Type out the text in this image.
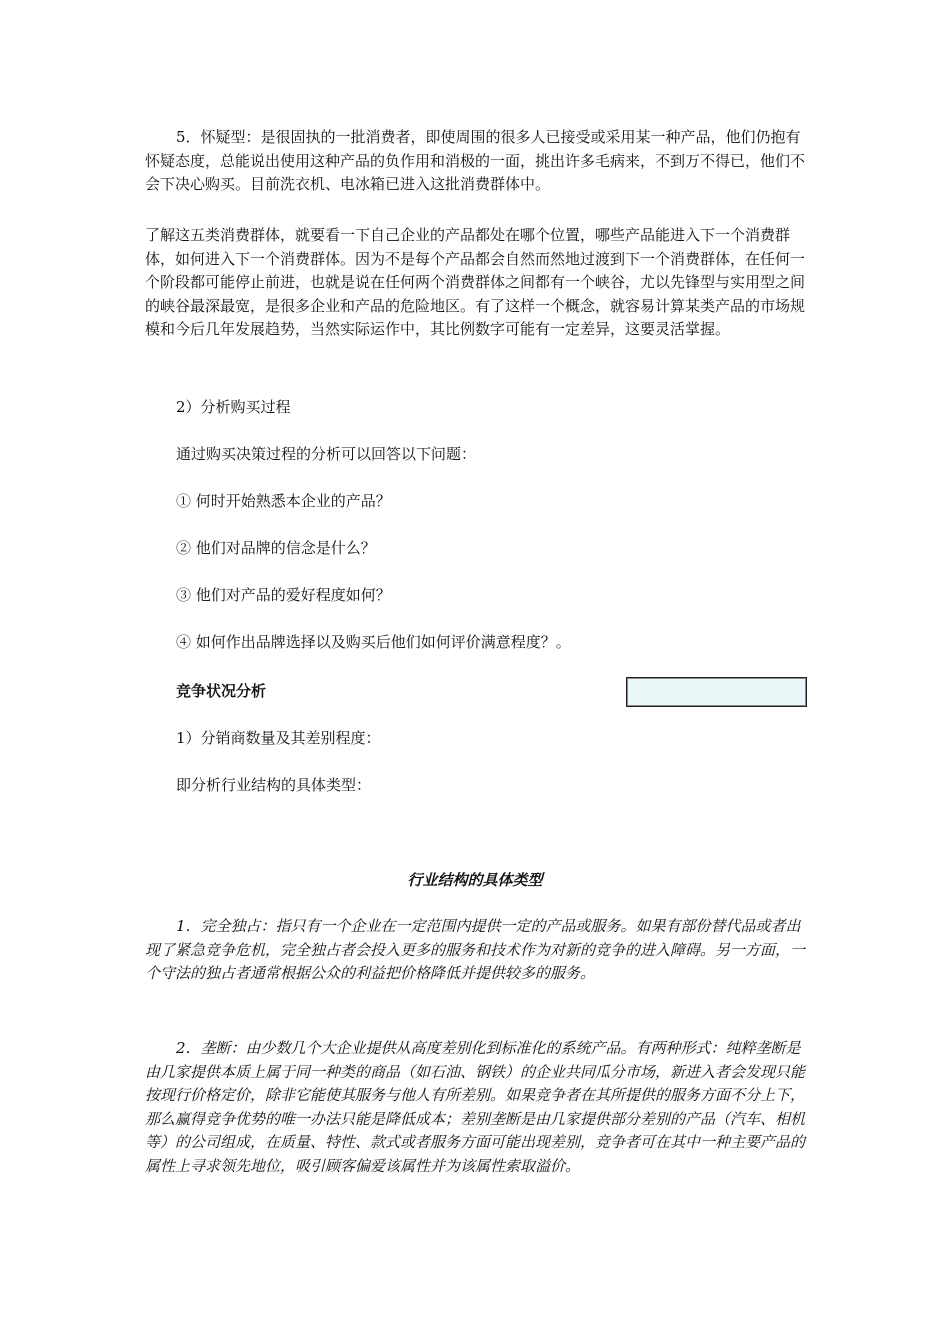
5．怀疑型：是很固执的一批消费者，即使周围的很多人已接受或采用某一种产品，他们仍抱有怀疑态度，总能说出使用这种产品的负作用和消极的一面，挑出许多毛病来，不到万不得已，他们不会下决心购买。目前洗衣机、电冰箱已进入这批消费群体中。

了解这五类消费群体，就要看一下自己企业的产品都处在哪个位置，哪些产品能进入下一个消费群体，如何进入下一个消费群体。因为不是每个产品都会自然而然地过渡到下一个消费群体，在任何一个阶段都可能停止前进，也就是说在任何两个消费群体之间都有一个峡谷，尤以先锋型与实用型之间的峡谷最深最宽，是很多企业和产品的危险地区。有了这样一个概念，就容易计算某类产品的市场规模和今后几年发展趋势，当然实际运作中，其比例数字可能有一定差异，这要灵活掌握。

2）分析购买过程

通过购买决策过程的分析可以回答以下问题：

① 何时开始熟悉本企业的产品？

② 他们对品牌的信念是什么？

③ 他们对产品的爱好程度如何？

④ 如何作出品牌选择以及购买后他们如何评价满意程度？。

竞争状况分析

1）分销商数量及其差别程度：

即分析行业结构的具体类型：

行业结构的具体类型

1．完全独占：指只有一个企业在一定范围内提供一定的产品或服务。如果有部份替代品或者出现了紧急竞争危机，完全独占者会投入更多的服务和技术作为对新的竞争的进入障碍。另一方面，一个守法的独占者通常根据公众的利益把价格降低并提供较多的服务。

2．垄断：由少数几个大企业提供从高度差别化到标准化的系统产品。有两种形式：纯粹垄断是由几家提供本质上属于同一种类的商品（如石油、钢铁）的企业共同瓜分市场，新进入者会发现只能按现行价格定价，除非它能使其服务与他人有所差别。如果竞争者在其所提供的服务方面不分上下，那么赢得竞争优势的唯一办法只能是降低成本；差别垄断是由几家提供部分差别的产品（汽车、相机等）的公司组成，在质量、特性、款式或者服务方面可能出现差别，竞争者可在其中一种主要产品的属性上寻求领先地位，吸引顾客偏爱该属性并为该属性索取溢价。
